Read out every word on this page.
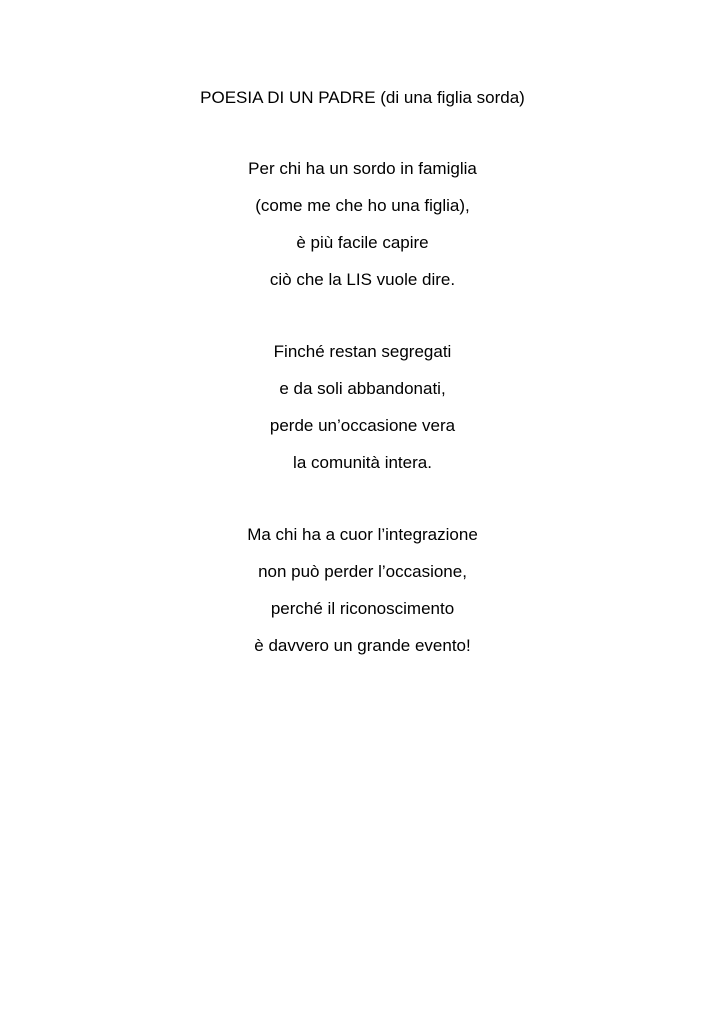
POESIA DI UN PADRE (di una figlia sorda)
Per chi ha un sordo in famiglia
(come me che ho una figlia),
è più facile capire
ciò che la LIS vuole dire.
Finché restan segregati
e da soli abbandonati,
perde un’occasione vera
la comunità intera.
Ma chi ha a cuor l’integrazione
non può perder l’occasione,
perché il riconoscimento
è davvero un grande evento!
